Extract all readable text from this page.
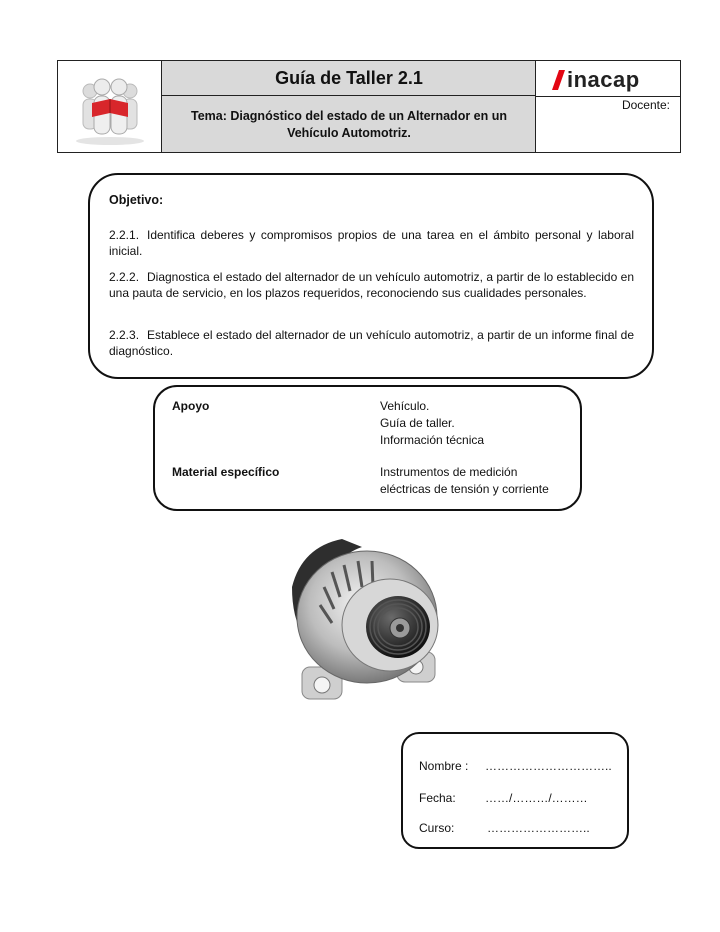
Guía de Taller 2.1
Tema: Diagnóstico del estado de un Alternador en un
Vehículo Automotriz.
inacap
Docente:
Objetivo:
2.2.1. Identifica deberes y compromisos propios de una tarea en el ámbito personal y laboral inicial.
2.2.2. Diagnostica el estado del alternador de un vehículo automotriz, a partir de lo establecido en una pauta de servicio, en los plazos requeridos, reconociendo sus cualidades personales.
2.2.3. Establece el estado del alternador de un vehículo automotriz, a partir de un informe final de diagnóstico.
Apoyo	Vehículo.
Guía de taller.
Información técnica
Material específico	Instrumentos de medición
eléctricas de tensión y corriente
Nombre : …………………………..
Fecha: ……/………/………
Curso:	……………………..
